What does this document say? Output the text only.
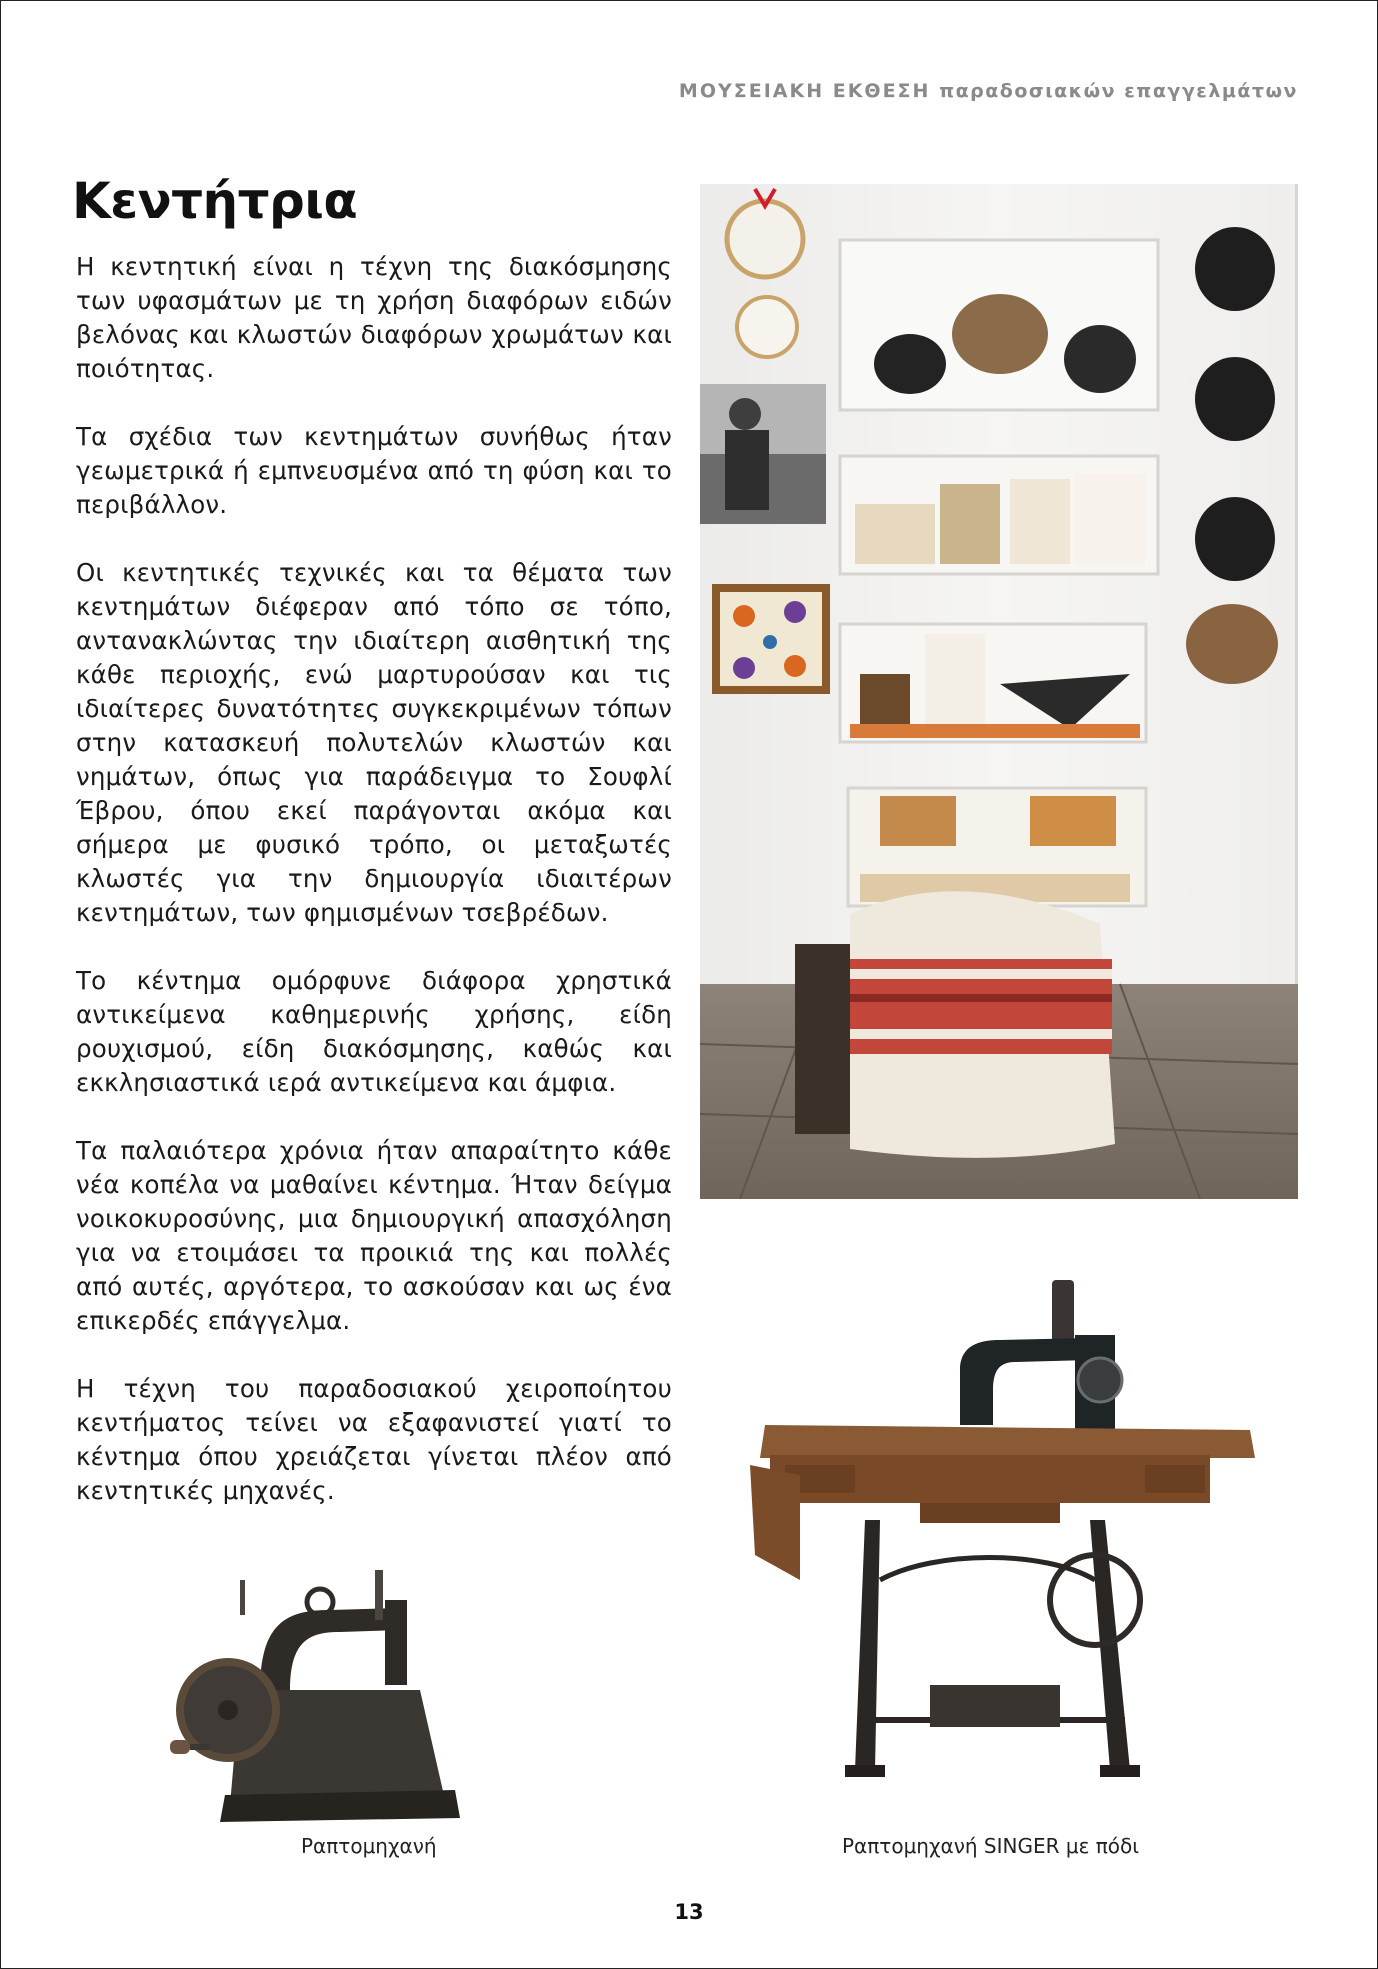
ΜΟΥΣΕΙΑΚΗ ΕΚΘΕΣΗ παραδοσιακών επαγγελμάτων
Κεντήτρια

Η κεντητική είναι η τέχνη της διακόσμησης των υφασμάτων με τη χρήση διαφόρων ειδών βελόνας και κλωστών διαφόρων χρωμάτων και ποιότητας.

Τα σχέδια των κεντημάτων συνήθως ήταν γεωμετρικά ή εμπνευσμένα από τη φύση και το περιβάλλον.

Οι κεντητικές τεχνικές και τα θέματα των κεντημάτων διέφεραν από τόπο σε τόπο, αντανακλώντας την ιδιαίτερη αισθητική της κάθε περιοχής, ενώ μαρτυρούσαν και τις ιδιαίτερες δυνατότητες συγκεκριμένων τόπων στην κατασκευή πολυτελών κλωστών και νημάτων, όπως για παράδειγμα το Σουφλί Έβρου, όπου εκεί παράγονται ακόμα και σήμερα με φυσικό τρόπο, οι μεταξωτές κλωστές για την δημιουργία ιδιαιτέρων κεντημάτων, των φημισμένων τσεβρέδων.

Το κέντημα ομόρφυνε διάφορα χρηστικά αντικείμενα καθημερινής χρήσης, είδη ρουχισμού, είδη διακόσμησης, καθώς και εκκλησιαστικά ιερά αντικείμενα και άμφια.

Τα παλαιότερα χρόνια ήταν απαραίτητο κάθε νέα κοπέλα να μαθαίνει κέντημα. Ήταν δείγμα νοικοκυροσύνης, μια δημιουργική απασχόληση για να ετοιμάσει τα προικιά της και πολλές από αυτές, αργότερα, το ασκούσαν και ως ένα επικερδές επάγγελμα.

Η τέχνη του παραδοσιακού χειροποίητου κεντήματος τείνει να εξαφανιστεί γιατί το κέντημα όπου χρειάζεται γίνεται πλέον από κεντητικές μηχανές.

Ραπτομηχανή	Ραπτομηχανή SINGER με πόδι
13
